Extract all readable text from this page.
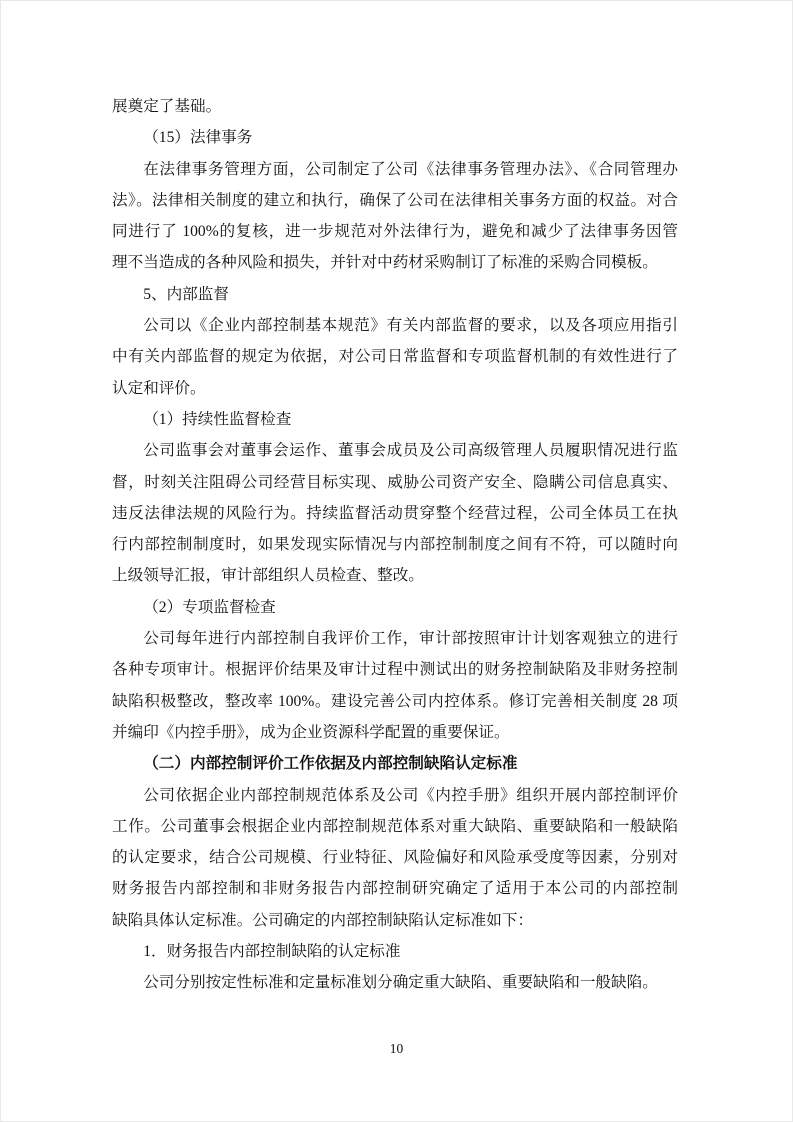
展奠定了基础。
（15）法律事务
在法律事务管理方面，公司制定了公司《法律事务管理办法》、《合同管理办
法》。法律相关制度的建立和执行，确保了公司在法律相关事务方面的权益。对合
同进行了 100%的复核，进一步规范对外法律行为，避免和减少了法律事务因管
理不当造成的各种风险和损失，并针对中药材采购制订了标准的采购合同模板。
5、内部监督
公司以《企业内部控制基本规范》有关内部监督的要求，以及各项应用指引
中有关内部监督的规定为依据，对公司日常监督和专项监督机制的有效性进行了
认定和评价。
（1）持续性监督检查
公司监事会对董事会运作、董事会成员及公司高级管理人员履职情况进行监
督，时刻关注阻碍公司经营目标实现、威胁公司资产安全、隐瞒公司信息真实、
违反法律法规的风险行为。持续监督活动贯穿整个经营过程，公司全体员工在执
行内部控制制度时，如果发现实际情况与内部控制制度之间有不符，可以随时向
上级领导汇报，审计部组织人员检查、整改。
（2）专项监督检查
公司每年进行内部控制自我评价工作，审计部按照审计计划客观独立的进行
各种专项审计。根据评价结果及审计过程中测试出的财务控制缺陷及非财务控制
缺陷积极整改，整改率 100%。建设完善公司内控体系。修订完善相关制度 28 项
并编印《内控手册》，成为企业资源科学配置的重要保证。
（二）内部控制评价工作依据及内部控制缺陷认定标准
公司依据企业内部控制规范体系及公司《内控手册》组织开展内部控制评价
工作。公司董事会根据企业内部控制规范体系对重大缺陷、重要缺陷和一般缺陷
的认定要求，结合公司规模、行业特征、风险偏好和风险承受度等因素，分别对
财务报告内部控制和非财务报告内部控制研究确定了适用于本公司的内部控制
缺陷具体认定标准。公司确定的内部控制缺陷认定标准如下：
1．财务报告内部控制缺陷的认定标准
公司分别按定性标准和定量标准划分确定重大缺陷、重要缺陷和一般缺陷。
10
